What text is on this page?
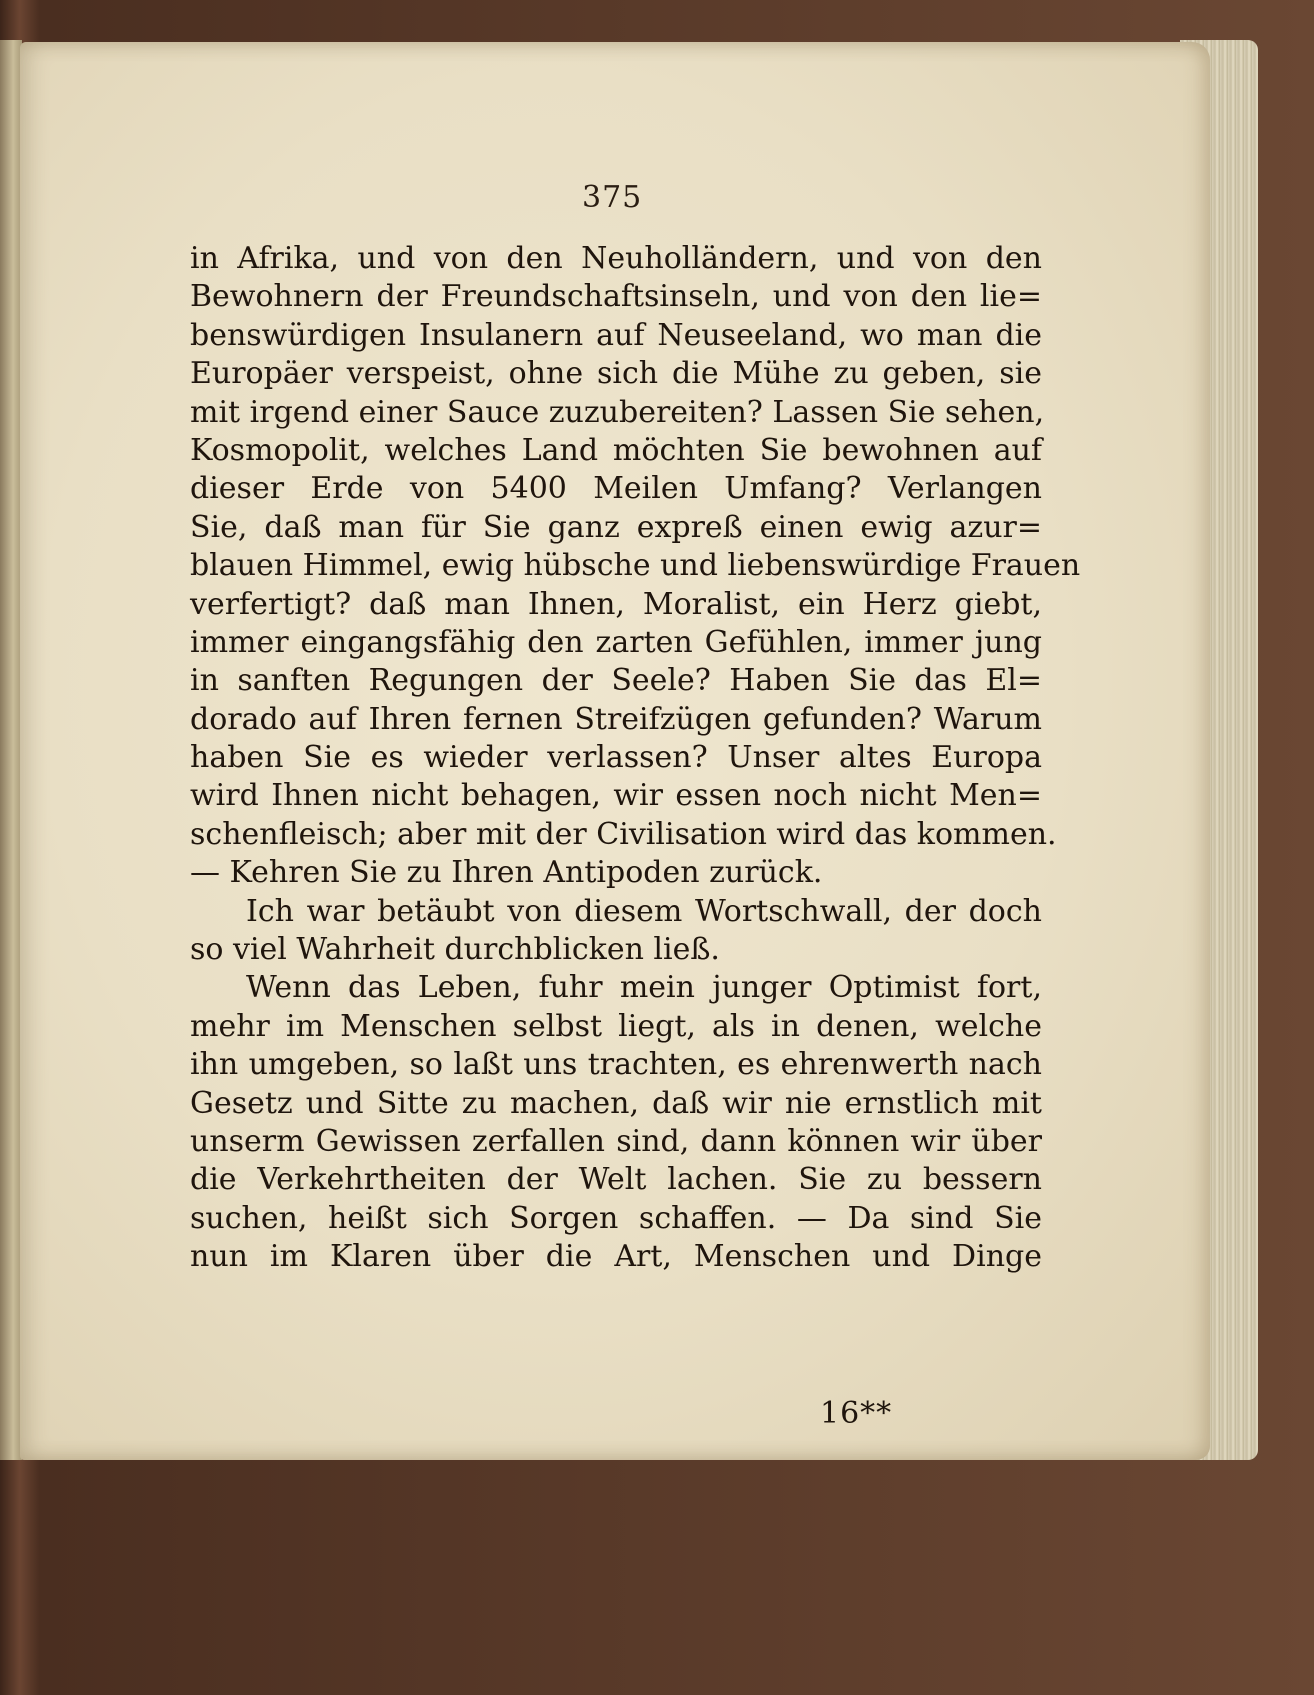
375
in Afrika, und von den Neuholländern, und von den
Bewohnern der Freundschaftsinseln, und von den lie=
benswürdigen Insulanern auf Neuseeland, wo man die
Europäer verspeist, ohne sich die Mühe zu geben, sie
mit irgend einer Sauce zuzubereiten? Lassen Sie sehen,
Kosmopolit, welches Land möchten Sie bewohnen auf
dieser Erde von 5400 Meilen Umfang? Verlangen
Sie, daß man für Sie ganz expreß einen ewig azur=
blauen Himmel, ewig hübsche und liebenswürdige Frauen
verfertigt? daß man Ihnen, Moralist, ein Herz giebt,
immer eingangsfähig den zarten Gefühlen, immer jung
in sanften Regungen der Seele? Haben Sie das El=
dorado auf Ihren fernen Streifzügen gefunden? Warum
haben Sie es wieder verlassen? Unser altes Europa
wird Ihnen nicht behagen, wir essen noch nicht Men=
schenfleisch; aber mit der Civilisation wird das kommen.
— Kehren Sie zu Ihren Antipoden zurück.
Ich war betäubt von diesem Wortschwall, der doch
so viel Wahrheit durchblicken ließ.
Wenn das Leben, fuhr mein junger Optimist fort,
mehr im Menschen selbst liegt, als in denen, welche
ihn umgeben, so laßt uns trachten, es ehrenwerth nach
Gesetz und Sitte zu machen, daß wir nie ernstlich mit
unserm Gewissen zerfallen sind, dann können wir über
die Verkehrtheiten der Welt lachen. Sie zu bessern
suchen, heißt sich Sorgen schaffen. — Da sind Sie
nun im Klaren über die Art, Menschen und Dinge
16**
